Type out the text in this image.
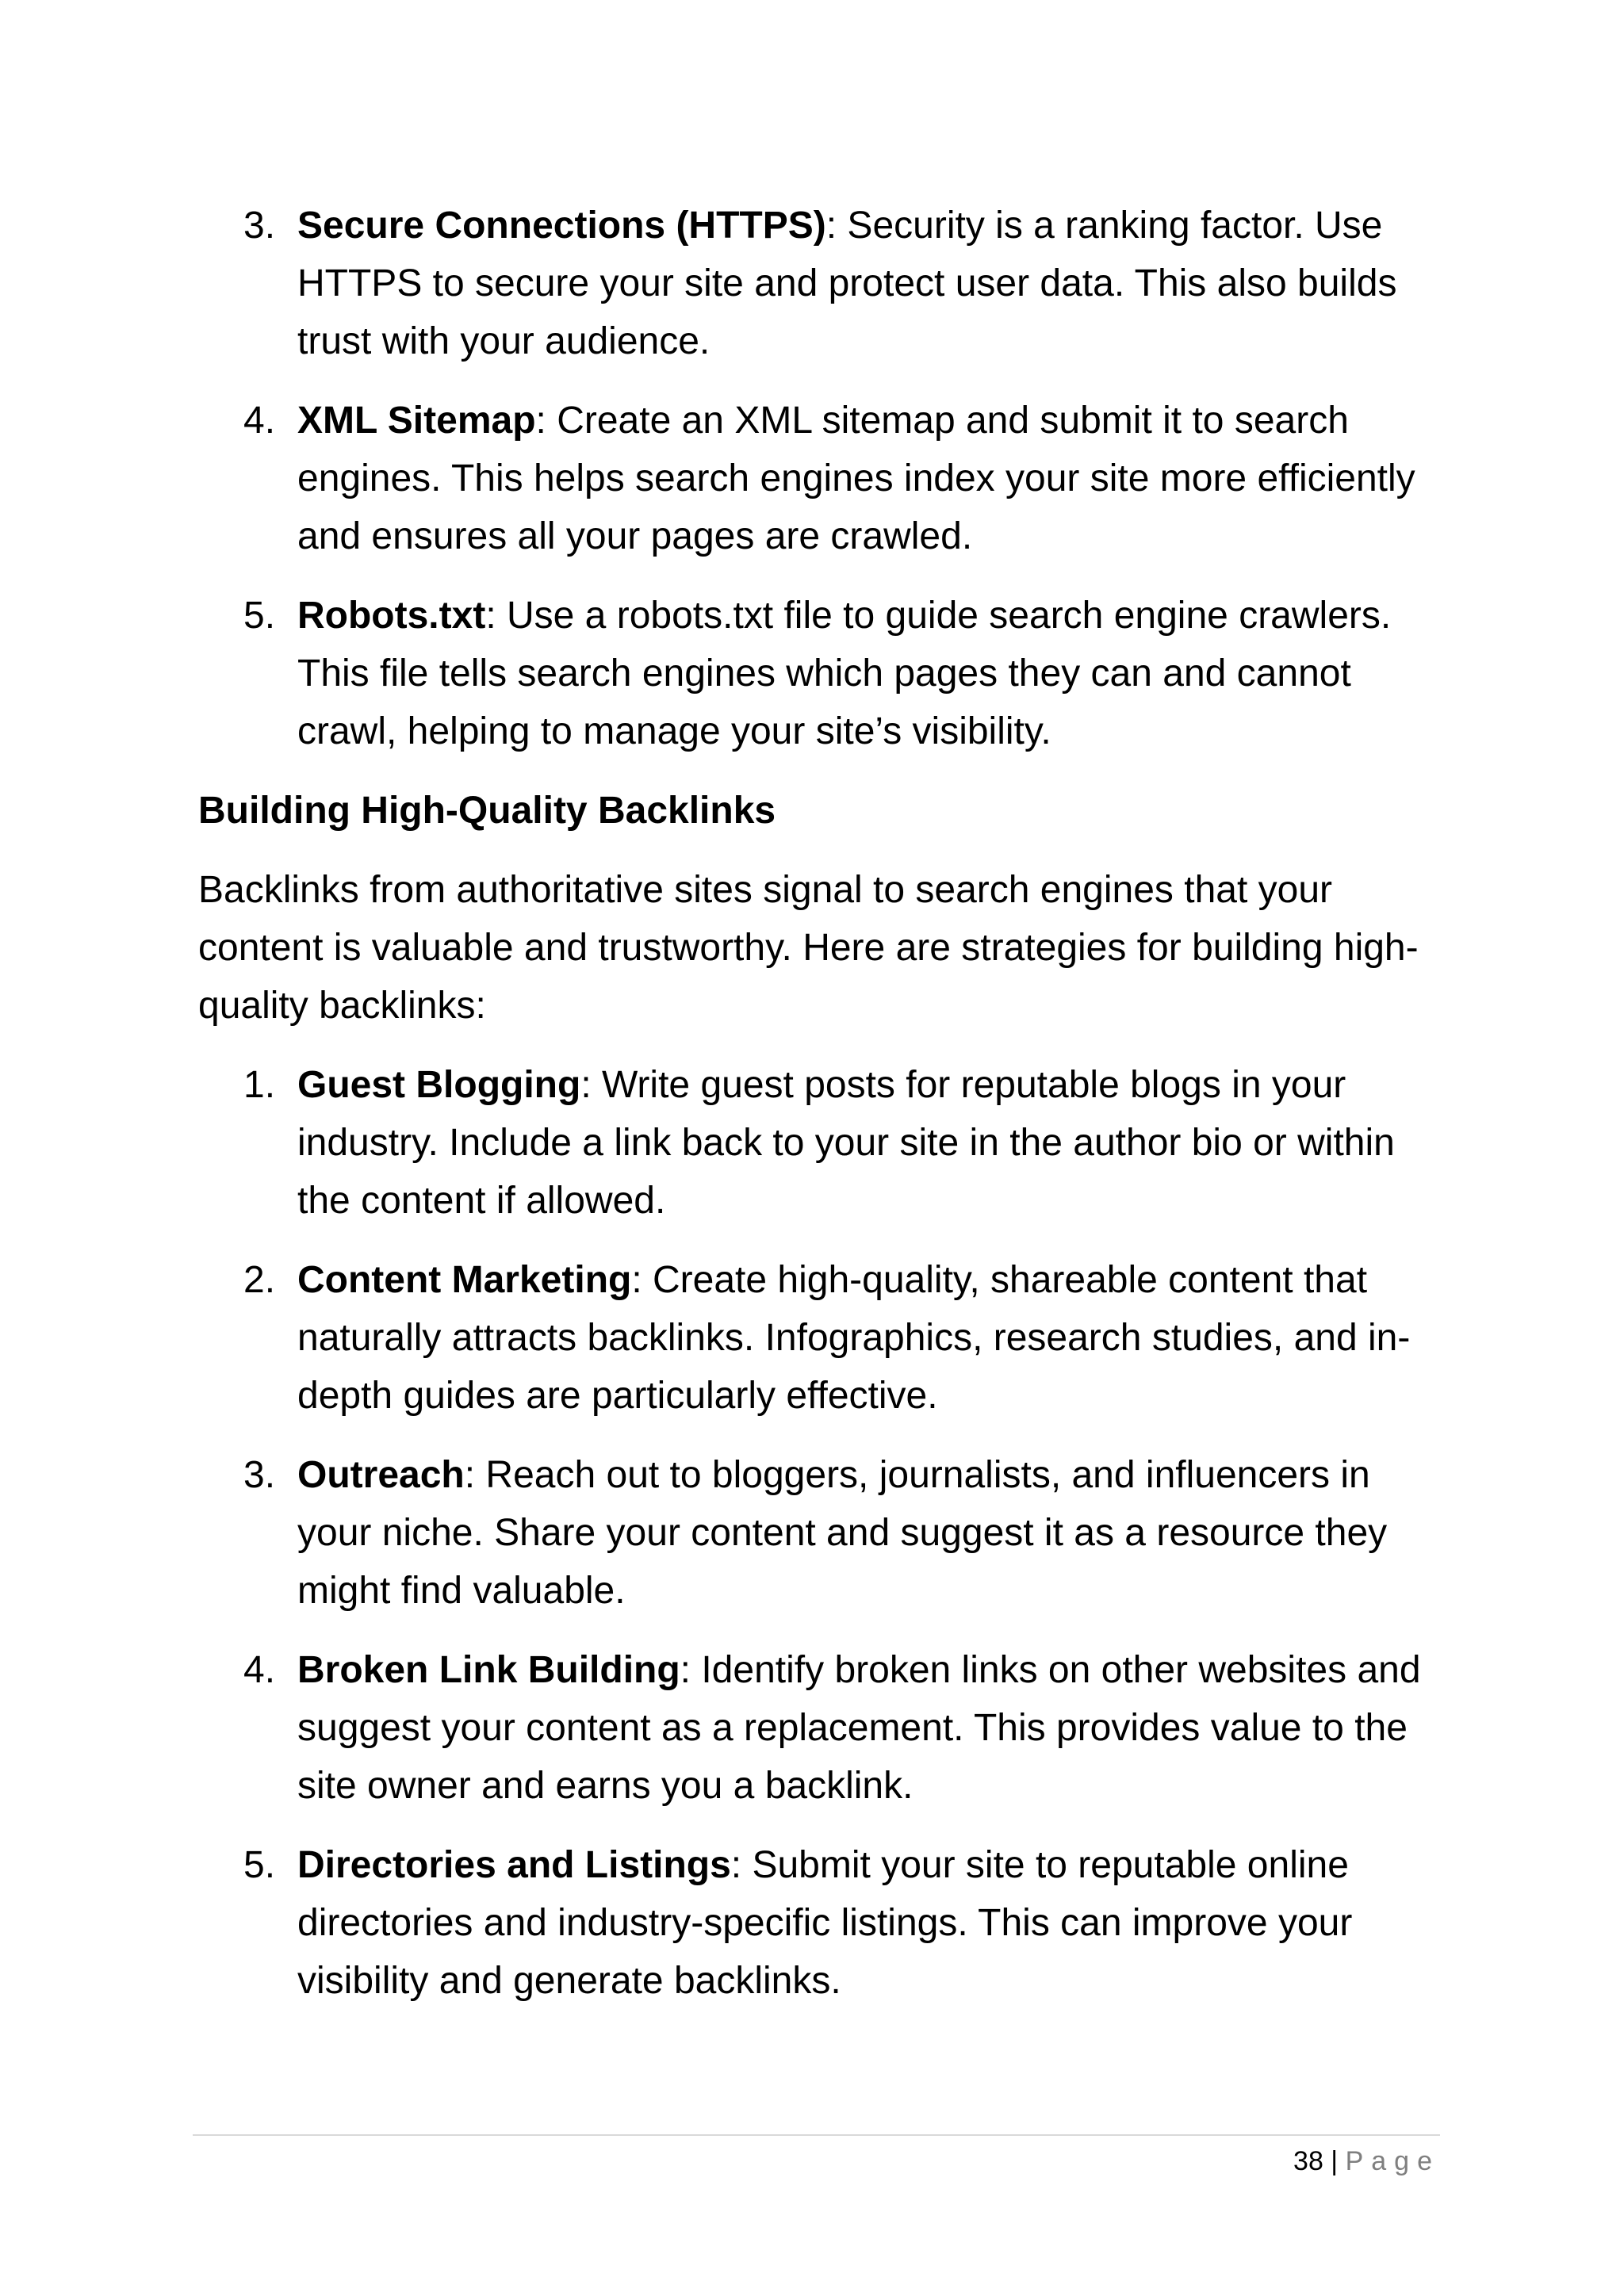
3. Secure Connections (HTTPS): Security is a ranking factor. Use HTTPS to secure your site and protect user data. This also builds trust with your audience.
4. XML Sitemap: Create an XML sitemap and submit it to search engines. This helps search engines index your site more efficiently and ensures all your pages are crawled.
5. Robots.txt: Use a robots.txt file to guide search engine crawlers. This file tells search engines which pages they can and cannot crawl, helping to manage your site’s visibility.
Building High-Quality Backlinks
Backlinks from authoritative sites signal to search engines that your content is valuable and trustworthy. Here are strategies for building high-quality backlinks:
1. Guest Blogging: Write guest posts for reputable blogs in your industry. Include a link back to your site in the author bio or within the content if allowed.
2. Content Marketing: Create high-quality, shareable content that naturally attracts backlinks. Infographics, research studies, and in-depth guides are particularly effective.
3. Outreach: Reach out to bloggers, journalists, and influencers in your niche. Share your content and suggest it as a resource they might find valuable.
4. Broken Link Building: Identify broken links on other websites and suggest your content as a replacement. This provides value to the site owner and earns you a backlink.
5. Directories and Listings: Submit your site to reputable online directories and industry-specific listings. This can improve your visibility and generate backlinks.
38 | Page
